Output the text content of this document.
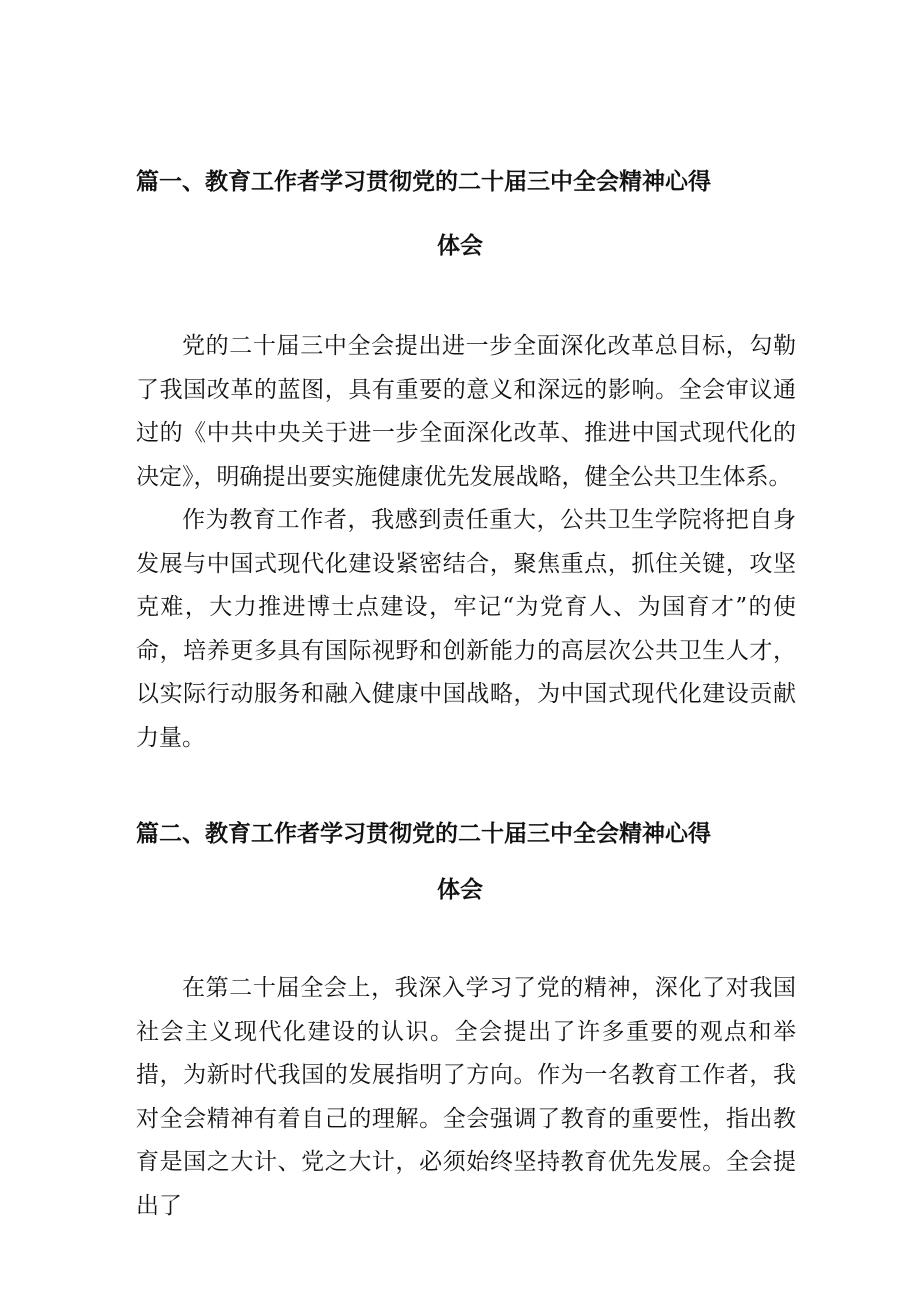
篇一、教育工作者学习贯彻党的二十届三中全会精神心得
体会

党的二十届三中全会提出进一步全面深化改革总目标，勾勒了我国改革的蓝图，具有重要的意义和深远的影响。全会审议通过的《中共中央关于进一步全面深化改革、推进中国式现代化的决定》，明确提出要实施健康优先发展战略，健全公共卫生体系。

作为教育工作者，我感到责任重大，公共卫生学院将把自身发展与中国式现代化建设紧密结合，聚焦重点，抓住关键，攻坚克难，大力推进博士点建设，牢记“为党育人、为国育才”的使命，培养更多具有国际视野和创新能力的高层次公共卫生人才，以实际行动服务和融入健康中国战略，为中国式现代化建设贡献力量。

篇二、教育工作者学习贯彻党的二十届三中全会精神心得
体会

在第二十届全会上，我深入学习了党的精神，深化了对我国社会主义现代化建设的认识。全会提出了许多重要的观点和举措，为新时代我国的发展指明了方向。作为一名教育工作者，我对全会精神有着自己的理解。全会强调了教育的重要性，指出教育是国之大计、党之大计，必须始终坚持教育优先发展。全会提出了
